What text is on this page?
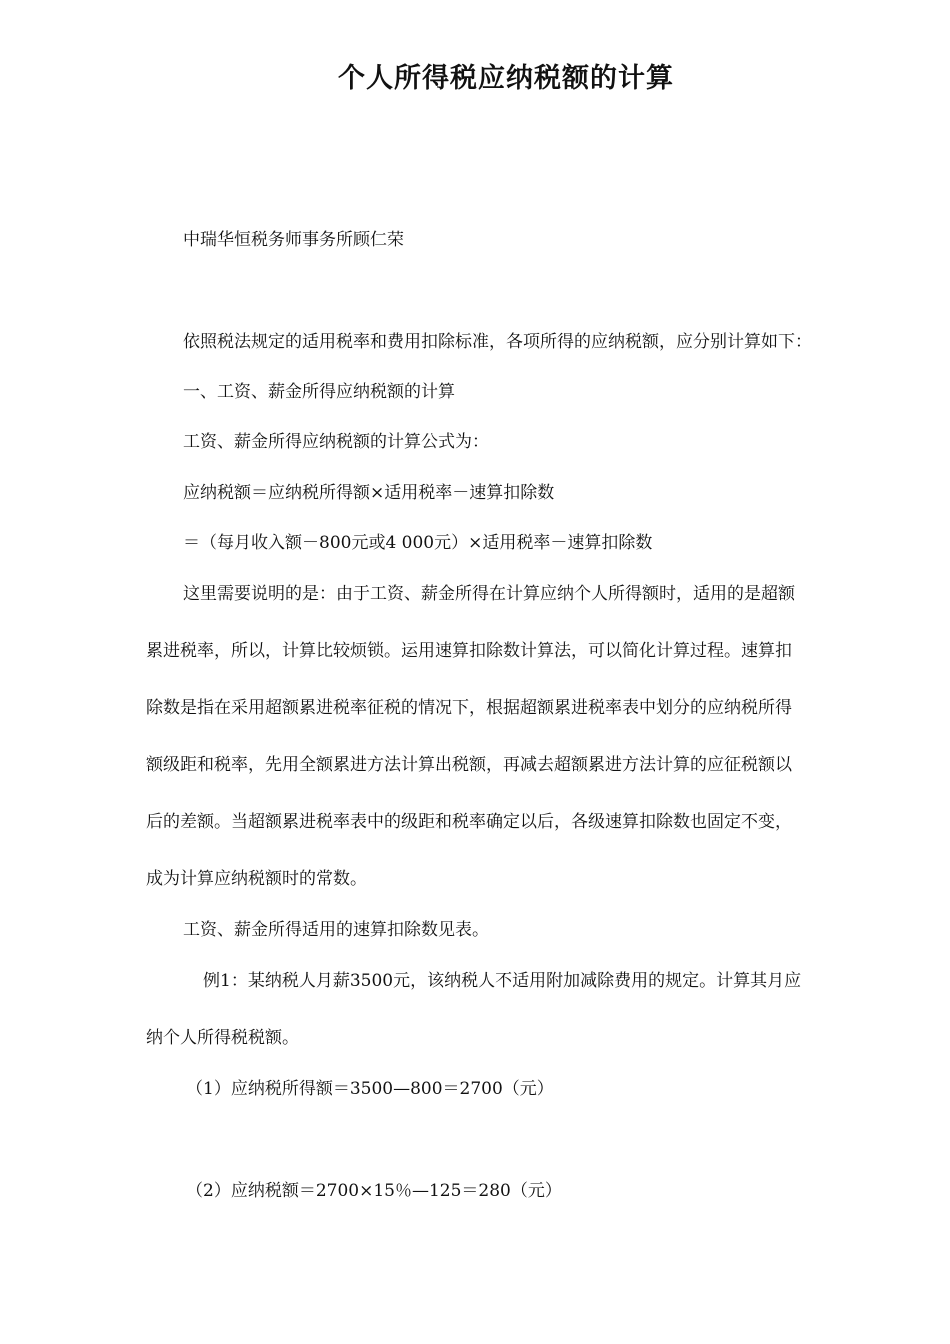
个人所得税应纳税额的计算
中瑞华恒税务师事务所顾仁荣
依照税法规定的适用税率和费用扣除标准，各项所得的应纳税额，应分别计算如下：
一、工资、薪金所得应纳税额的计算
工资、薪金所得应纳税额的计算公式为：
应纳税额＝应纳税所得额×适用税率－速算扣除数
＝（每月收入额－800元或4 000元）×适用税率－速算扣除数
这里需要说明的是：由于工资、薪金所得在计算应纳个人所得额时，适用的是超额
累进税率，所以，计算比较烦锁。运用速算扣除数计算法，可以简化计算过程。速算扣
除数是指在采用超额累进税率征税的情况下，根据超额累进税率表中划分的应纳税所得
额级距和税率，先用全额累进方法计算出税额，再减去超额累进方法计算的应征税额以
后的差额。当超额累进税率表中的级距和税率确定以后，各级速算扣除数也固定不变，
成为计算应纳税额时的常数。
工资、薪金所得适用的速算扣除数见表。
例1：某纳税人月薪3500元，该纳税人不适用附加减除费用的规定。计算其月应
纳个人所得税税额。
（1）应纳税所得额＝3500—800＝2700（元）
（2）应纳税额＝2700×15％—125＝280（元）
